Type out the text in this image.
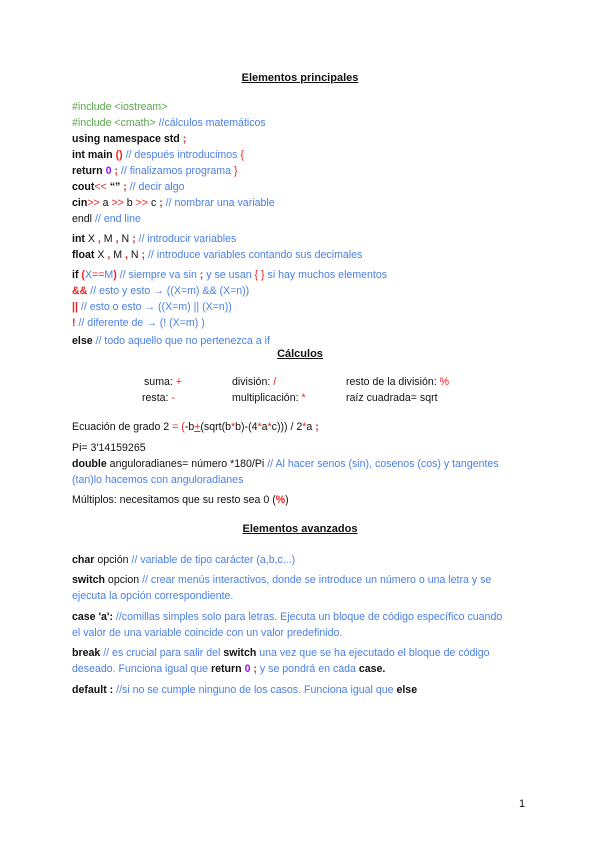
Elementos principales
Cálculos
Elementos avanzados
1
#include <iostream>
#include <cmath> //cálculos matemáticos
using namespace std ;
int main () // después introducimos {
return 0 ; // finalizamos programa }
cout<< “” ; // decir algo
cin>> a >> b >> c ; // nombrar una variable
endl // end line
int X , M , N ; // introducir variables
float X , M , N ; // introduce variables contando sus decimales
if (X==M) // siempre va sin ; y se usan { } si hay muchos elementos
&& // esto y esto → ((X=m) && (X=n))
|| // esto o esto → ((X=m) || (X=n))
! // diferente de → (! (X=m) )
else // todo aquello que no pertenezca a if
Ecuación de grado 2 = (-b+(sqrt(b*b)-(4*a*c))) / 2*a ;
Pi= 3'14159265
double anguloradianes= número *180/Pi // Al hacer senos (sin), cosenos (cos) y tangentes
(tan)lo hacemos con anguloradianes
Múltiplos: necesitamos que su resto sea 0 (%)
char opción // variable de tipo carácter (a,b,c...)
switch opcion // crear menús interactivos, donde se introduce un número o una letra y se
ejecuta la opción correspondiente.
case 'a': //comillas simples solo para letras. Ejecuta un bloque de código específico cuando
el valor de una variable coincide con un valor predefinido.
break // es crucial para salir del switch una vez que se ha ejecutado el bloque de código
deseado. Funciona igual que return 0 ; y se pondrá en cada case.
default : //si no se cumple ninguno de los casos. Funciona igual que else
suma: +	división: /	resto de la división: %
resta: -	multiplicación: *	raíz cuadrada= sqrt
